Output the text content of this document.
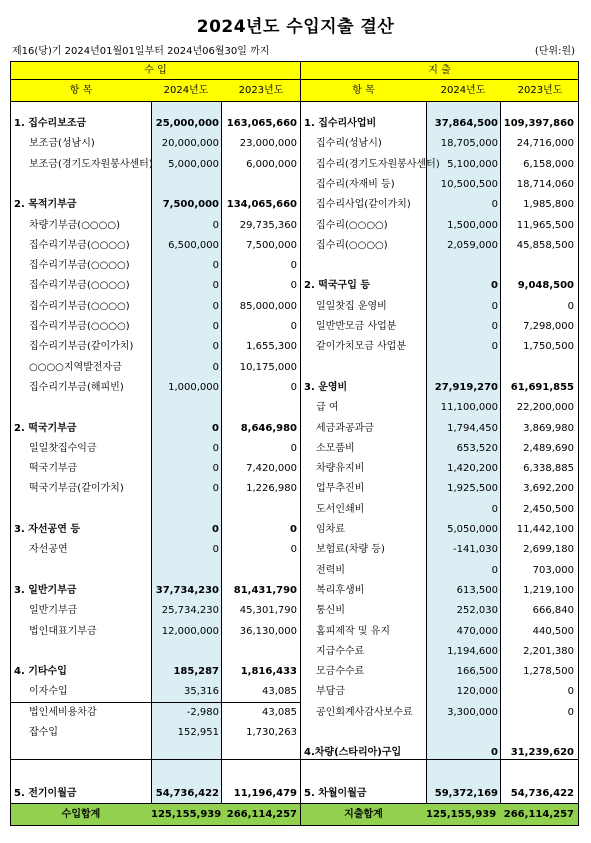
2024년도 수입지출 결산
제16(당)기 2024년01월01일부터 2024년06월30일 까지	(단위:원)
수 입
항 목	2024년도	2023년도
1. 집수리보조금	25,000,000 163,065,660
보조금(성남시)	20,000,000	23,000,000
보조금(경기도자원봉사센터)	5,000,000	6,000,000
2. 목적기부금	7,500,000 134,065,660
차량기부금(○○○○)	0	29,735,360
집수리기부금(○○○○)	6,500,000	7,500,000
집수리기부금(○○○○)	0	0
집수리기부금(○○○○)	0	0
집수리기부금(○○○○)	0	85,000,000
집수리기부금(○○○○)	0	0
집수리기부금(같이가치)	0	1,655,300
○○○○지역발전자금	0	10,175,000
집수리기부금(해피빈)	1,000,000	0
2. 떡국기부금	0	8,646,980
일일찻집수익금	0	0
떡국기부금	0	7,420,000
떡국기부금(같이가치)	0	1,226,980
3. 자선공연 등	0	0
자선공연	0	0
3. 일반기부금	37,734,230	81,431,790
일반기부금	25,734,230	45,301,790
법인대표기부금	12,000,000	36,130,000
4. 기타수입	185,287	1,816,433
이자수입	35,316	43,085
법인세비용차감	-2,980	43,085
잡수입	152,951	1,730,263
5. 전기이월금	54,736,422	11,196,479
수입합계	125,155,939 266,114,257
지 출
항 목	2024년도	2023년도
1. 집수리사업비	37,864,500 109,397,860
집수리(성남시)	18,705,000	24,716,000
집수리(경기도자원봉사센터) 5,100,000	6,158,000
집수리(자재비 등)	10,500,500	18,714,060
집수리사업(같이가치)	0	1,985,800
집수리(○○○○)	1,500,000	11,965,500
집수리(○○○○)	2,059,000	45,858,500
2. 떡국구입 등	0	9,048,500
일일찻집 운영비	0	0
일반반모금 사업분	0	7,298,000
같이가치모금 사업분	0	1,750,500
3. 운영비	27,919,270	61,691,855
급 여	11,100,000	22,200,000
세금과공과금	1,794,450	3,869,980
소모품비	653,520	2,489,690
차량유지비	1,420,200	6,338,885
업무추진비	1,925,500	3,692,200
도서인쇄비	0	2,450,500
임차료	5,050,000	11,442,100
보험료(차량 등)	-141,030	2,699,180
전력비	0	703,000
복리후생비	613,500	1,219,100
통신비	252,030	666,840
홈피제작 및 유지	470,000	440,500
지급수수료	1,194,600	2,201,380
모금수수료	166,500	1,278,500
부담금	120,000	0
공인회계사감사보수료	3,300,000	0
4.차량(스타리아)구입	0	31,239,620
5. 차월이월금	59,372,169	54,736,422
지출합계	125,155,939 266,114,257
